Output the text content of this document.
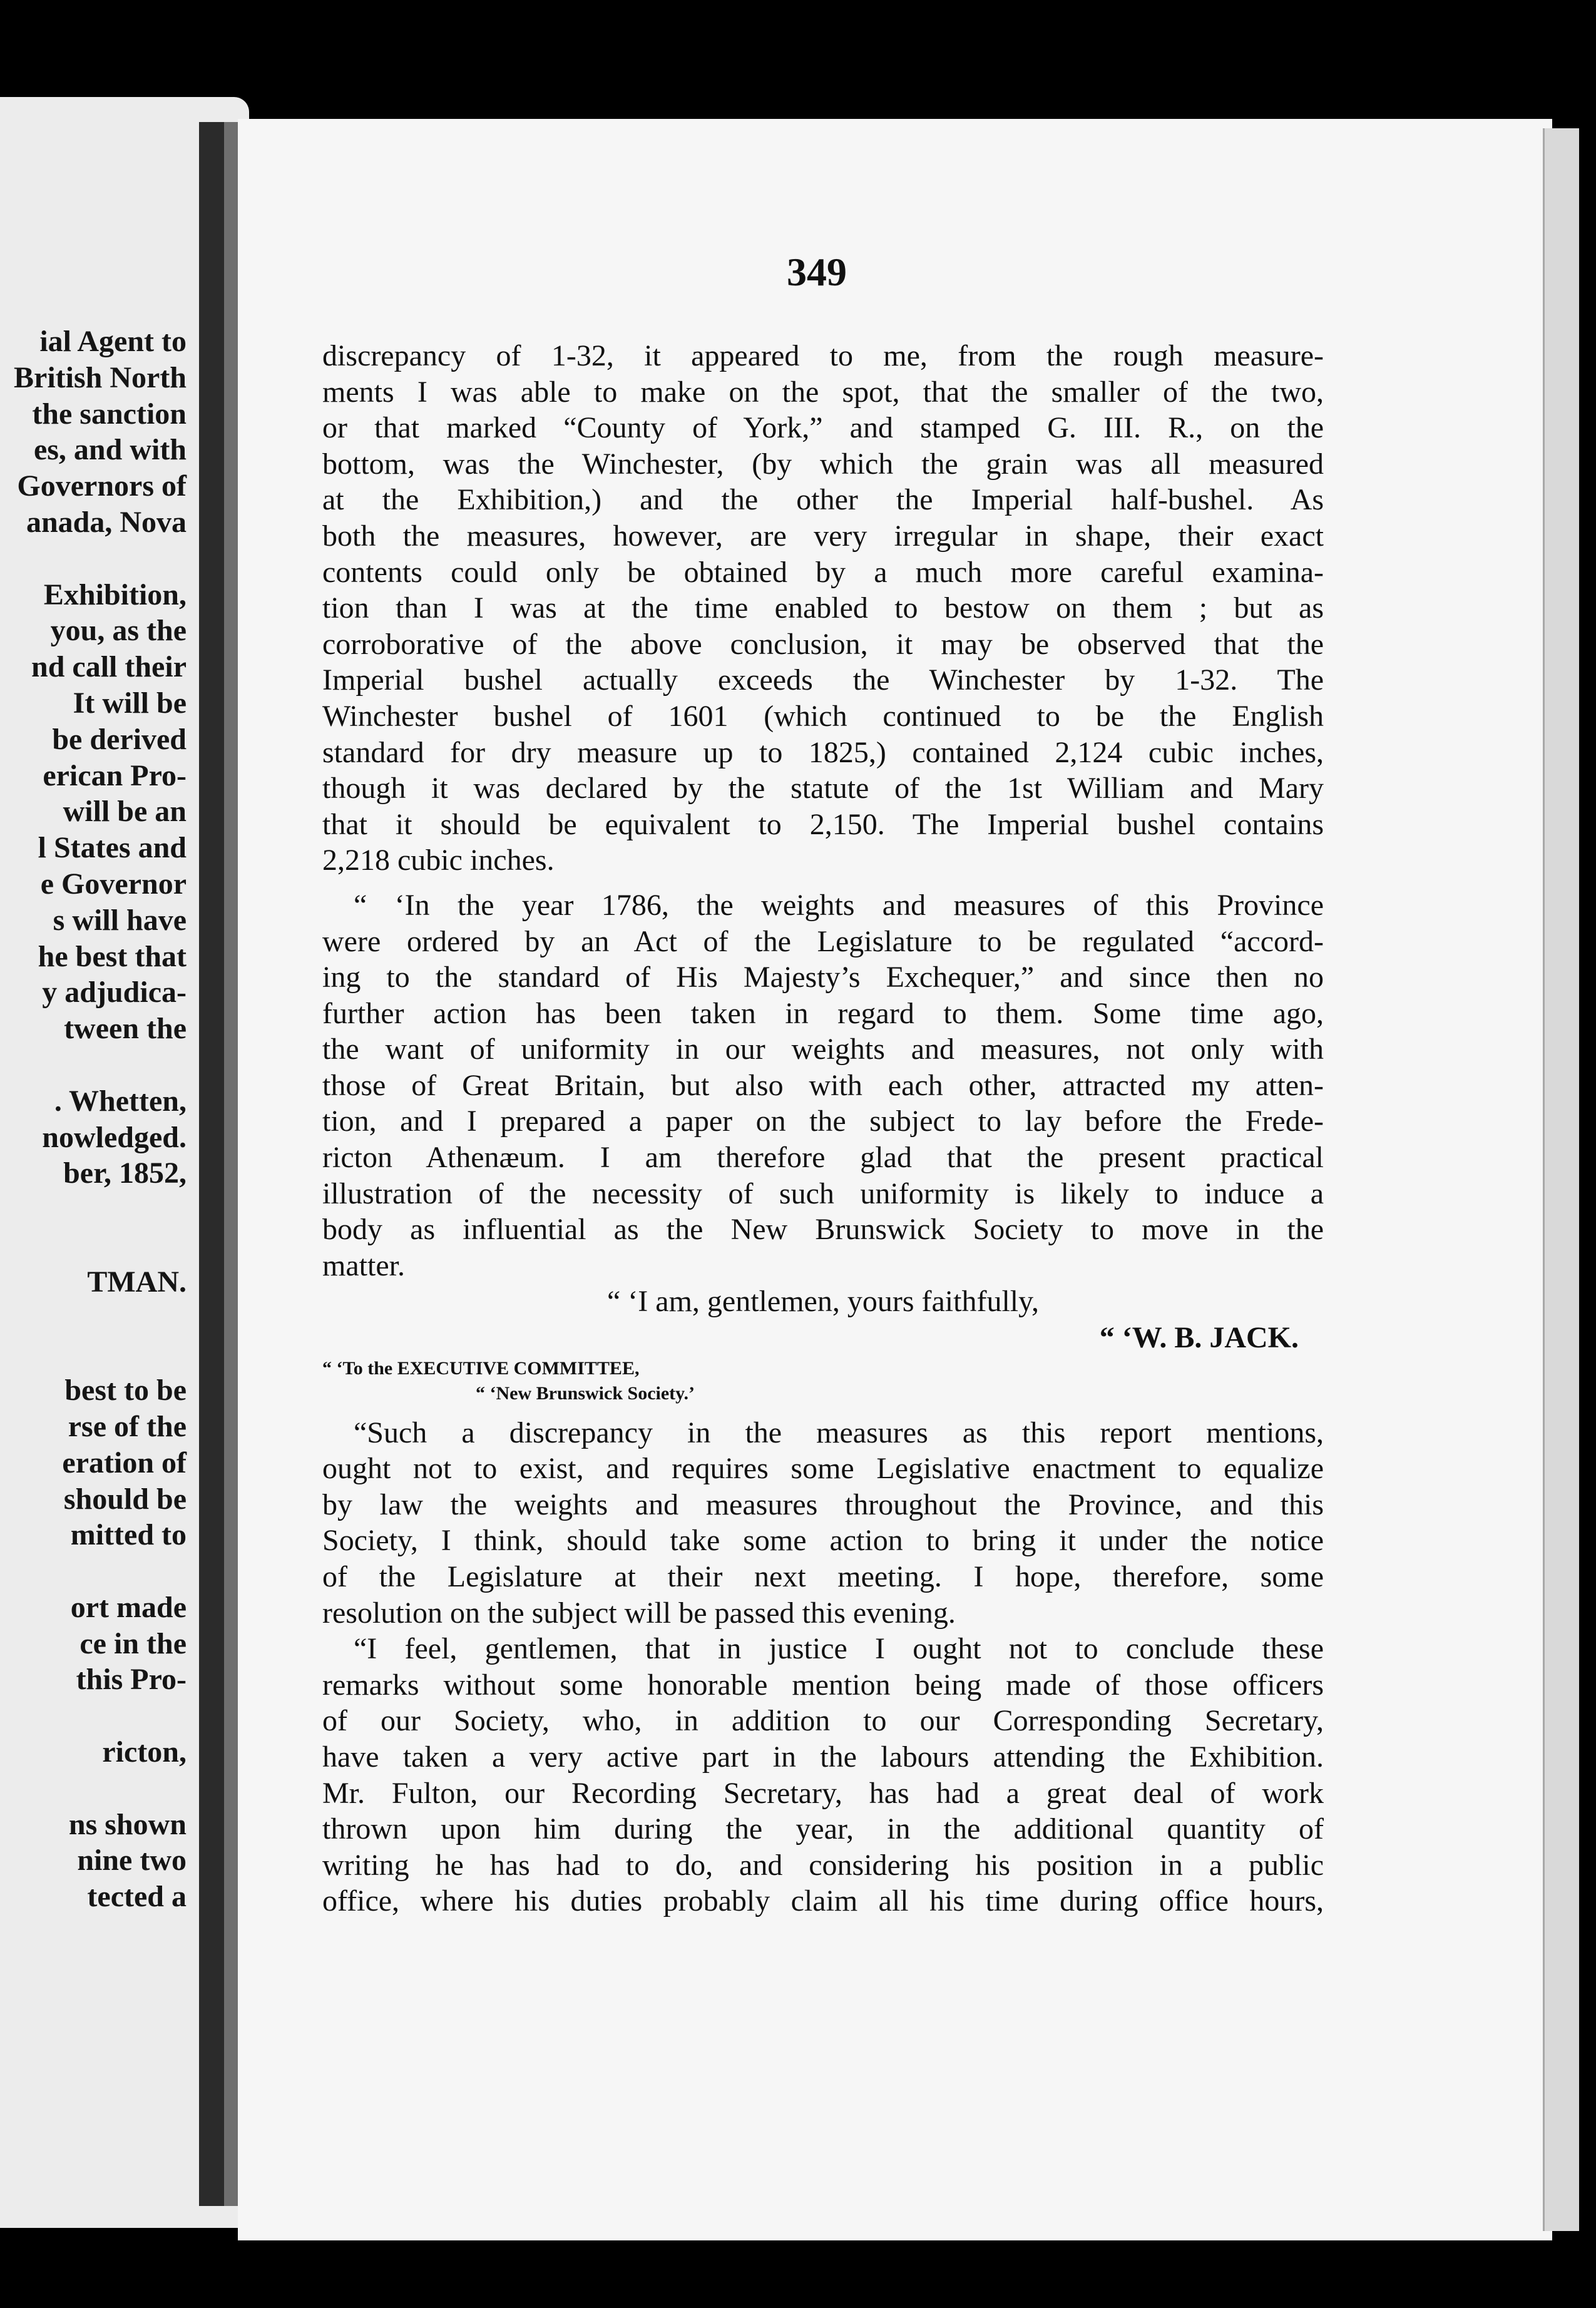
ial Agent to
British North
the sanction
es, and with
Governors of
anada, Nova
Exhibition,
you, as the
nd call their
It will be
be derived
erican Pro-
will be an
l States and
e Governor
s will have
he best that
y adjudica-
tween the
. Whetten,
nowledged.
ber, 1852,
TMAN.
best to be
rse of the
eration of
should be
mitted to
ort made
ce in the
this Pro-
ricton,
ns shown
nine two
tected a
349
discrepancy of 1-32, it appeared to me, from the rough measure-
ments I was able to make on the spot, that the smaller of the two,
or that marked “County of York,” and stamped G. III. R., on the
bottom, was the Winchester, (by which the grain was all measured
at the Exhibition,) and the other the Imperial half-bushel. As
both the measures, however, are very irregular in shape, their exact
contents could only be obtained by a much more careful examina-
tion than I was at the time enabled to bestow on them ; but as
corroborative of the above conclusion, it may be observed that the
Imperial bushel actually exceeds the Winchester by 1-32. The
Winchester bushel of 1601 (which continued to be the English
standard for dry measure up to 1825,) contained 2,124 cubic inches,
though it was declared by the statute of the 1st William and Mary
that it should be equivalent to 2,150. The Imperial bushel contains
2,218 cubic inches.
“ ‘In the year 1786, the weights and measures of this Province
were ordered by an Act of the Legislature to be regulated “accord-
ing to the standard of His Majesty’s Exchequer,” and since then no
further action has been taken in regard to them. Some time ago,
the want of uniformity in our weights and measures, not only with
those of Great Britain, but also with each other, attracted my atten-
tion, and I prepared a paper on the subject to lay before the Frede-
ricton Athenæum. I am therefore glad that the present practical
illustration of the necessity of such uniformity is likely to induce a
body as influential as the New Brunswick Society to move in the
matter.
“ ‘I am, gentlemen, yours faithfully,
“ ‘W. B. JACK.
“ ‘To the EXECUTIVE COMMITTEE,
“ ‘New Brunswick Society.’
“Such a discrepancy in the measures as this report mentions,
ought not to exist, and requires some Legislative enactment to equalize
by law the weights and measures throughout the Province, and this
Society, I think, should take some action to bring it under the notice
of the Legislature at their next meeting. I hope, therefore, some
resolution on the subject will be passed this evening.
“I feel, gentlemen, that in justice I ought not to conclude these
remarks without some honorable mention being made of those officers
of our Society, who, in addition to our Corresponding Secretary,
have taken a very active part in the labours attending the Exhibition.
Mr. Fulton, our Recording Secretary, has had a great deal of work
thrown upon him during the year, in the additional quantity of
writing he has had to do, and considering his position in a public
office, where his duties probably claim all his time during office hours,
